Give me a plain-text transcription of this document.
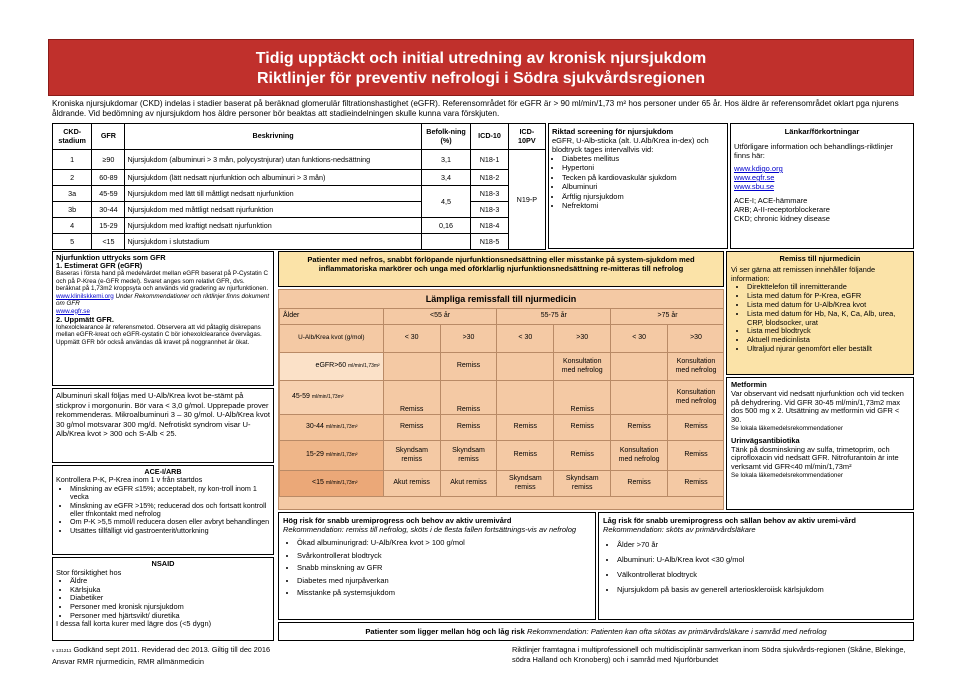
Tidig upptäckt och initial utredning av kronisk njursjukdom
Riktlinjer för preventiv nefrologi i Södra sjukvårdsregionen
Kroniska njursjukdomar (CKD) indelas i stadier baserat på beräknad glomerulär filtrationshastighet (eGFR). Referensområdet för eGFR är > 90 ml/min/1,73 m² hos personer under 65 år. Hos äldre är referensområdet oklart pga njurens åldrande. Vid bedömning av njursjukdom hos äldre personer bör beaktas att stadieindelningen skulle kunna vara förskjuten.
CKD-stadium	GFR	Beskrivning	Befolk-ning (%)	ICD-10	ICD-10PV
1	≥90	Njursjukdom (albuminuri > 3 mån, polycystnjurar) utan funktions-nedsättning	3,1	N18-1	N19-P
2	60-89	Njursjukdom (lätt nedsatt njurfunktion och albuminuri > 3 mån)	3,4	N18-2	
3a	45-59	Njursjukdom med lätt till måttligt nedsatt njurfunktion	4,5	N18-3	
3b	30-44	Njursjukdom med måttligt nedsatt njurfunktion		N18-3	
4	15-29	Njursjukdom med kraftigt nedsatt njurfunktion	0,16	N18-4	
5	<15	Njursjukdom i slutstadium		N18-5	
Riktad screening för njursjukdom
eGFR, U-Alb-sticka (alt. U.Alb/Krea in-dex) och blodtryck tages intervallvis vid:
• Diabetes mellitus
• Hypertoni
• Tecken på kardiovaskulär sjukdom
• Albuminuri
• Ärftlig njursjukdom
• Nefrektomi
Länkar/förkortningar
Utförligare information och behandlings-riktlinjer finns här:
www.kdigo.org
www.egfr.se
www.sbu.se
ACE-I; ACE-hämmare
ARB; A-II-receptorblockerare
CKD; chronic kidney disease
Njurfunktion uttrycks som GFR
1. Estimerat GFR (eGFR)
Baseras i första hand på medelvärdet mellan eGFR baserat på P-Cystatin C och på P-Krea (e-GFR medel). Svaret anges som relativt GFR, dvs. beräknat på 1,73m2 kroppsyta och används vid gradering av njurfunktionen.
www.klinilskkemi.org Under Rekommendationer och riktlinjer finns dokument om GFR
www.egfr.se
2. Uppmätt GFR.
Iohexolclearance är referensmetod. Observera att vid påtaglig diskrepans mellan eGFR-kreat och eGFR-cystatin C bör iohexolclearance övervägas. Uppmätt GFR bör också användas då kravet på noggrannhet är ökat.
Albuminuri skall följas med U-Alb/Krea kvot be-stämt på stickprov i morgonurin. Bör vara < 3,0 g/mol. Upprepade prover rekommenderas. Mikroalbuminuri 3 – 30 g/mol. U-Alb/Krea kvot 30 g/mol motsvarar 300 mg/d. Nefrotiskt syndrom visar U-Alb/Krea kvot > 300 och S-Alb < 25.
ACE-I/ARB
Kontrollera P-K, P-Krea inom 1 v från startdos
• Minskning av eGFR ≤15%; acceptabelt, ny kon-troll inom 1 vecka
• Minskning av eGFR >15%; reducerad dos och fortsatt kontroll eller tfnkontakt med nefrolog
• Om P-K >5,5 mmol/l reducera dosen eller avbryt behandlingen
• Utsättes tillfälligt vid gastroenterit/uttorkning
NSAID
Stor försiktighet hos
• Äldre
• Kärlsjuka
• Diabetiker
• Personer med kronisk njursjukdom
• Personer med hjärtsvikt/ diuretika
I dessa fall korta kurer med lägre dos (<5 dygn)
Patienter med nefros, snabbt förlöpande njurfunktionsnedsättning eller misstanke på system-sjukdom med inflammatoriska markörer och unga med oförklarlig njurfunktionsnedsättning re-mitteras till nefrolog
Lämpliga remissfall till njurmedicin
Ålder	<55 år		55-75 år		>75 år	
U-Alb/Krea kvot (g/mol)	< 30	>30	< 30	>30	< 30	>30
eGFR>60 ml/min/1,73m²		Remiss		Konsultation med nefrolog		Konsultation med nefrolog
45-59 ml/min/1,73m²	Remiss	Remiss		Remiss		Konsultation med nefrolog
30-44 ml/min/1,73m²	Remiss	Remiss	Remiss	Remiss	Remiss	Remiss
15-29 ml/min/1,73m²	Skyndsam remiss	Skyndsam remiss	Remiss	Remiss	Konsultation med nefrolog	Remiss
<15 ml/min/1,73m²	Akut remiss	Akut remiss	Skyndsam remiss	Skyndsam remiss	Remiss	Remiss
Remiss till njurmedicin
Vi ser gärna att remissen innehåller följande information:
• Direkttelefon till inremitterande
• Lista med datum för P-Krea, eGFR
• Lista med datum för U-Alb/Krea kvot
• Lista med datum för Hb, Na, K, Ca, Alb, urea, CRP, blodsocker, urat
• Lista med blodtryck
• Aktuell medicinlista
• Ultraljud njurar genomfört eller beställt
Metformin
Var observant vid nedsatt njurfunktion och vid tecken på dehydrering. Vid GFR 30-45 ml/min/1,73m2 max dos 500 mg x 2. Utsättning av metformin vid GFR < 30.
Se lokala läkemedelsrekommendationer
Urinvägsantibiotika
Tänk på dosminskning av sulfa, trimetoprim, och ciprofloxacin vid nedsatt GFR. Nitrofurantoin är inte verksamt vid GFR<40 ml/min/1,73m²
Se lokala läkemedelsrekommendationer
Hög risk för snabb uremiprogress och behov av aktiv uremivård
Rekommendation: remiss till nefrolog, sköts i de flesta fallen fortsättnings-vis av nefrolog
• Ökad albuminurigrad: U-Alb/Krea kvot > 100 g/mol
• Svårkontrollerat blodtryck
• Snabb minskning av GFR
• Diabetes med njurpåverkan
• Misstanke på systemsjukdom
Låg risk för snabb uremiprogress och sällan behov av aktiv uremi-vård
Rekommendation: sköts av primärvårdsläkare
• Ålder >70 år
• Albuminuri: U-Alb/Krea kvot <30 g/mol
• Välkontrollerat blodtryck
• Njursjukdom på basis av generell arterioskleroiisk kärlsjukdom
Patienter som ligger mellan hög och låg risk Rekommendation: Patienten kan ofta skötas av primärvårdsläkare i samråd med nefrolog
v 131211 Godkänd sept 2011. Reviderad dec 2013. Giltig till dec 2016
Ansvar RMR njurmedicin, RMR allmänmedicin
Riktlinjer framtagna i multiprofessionell och multidisciplinär samverkan inom Södra sjukvårds-regionen (Skåne, Blekinge, södra Halland och Kronoberg) och i samråd med Njurförbundet
